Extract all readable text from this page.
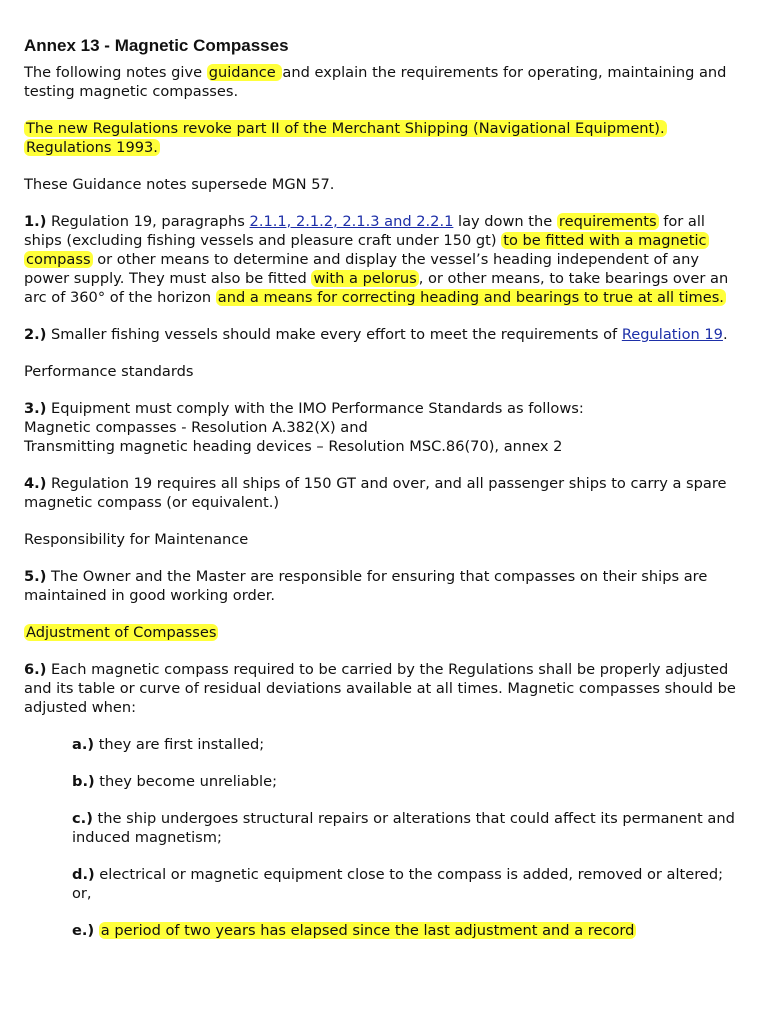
Annex 13 - Magnetic Compasses

The following notes give guidance and explain the requirements for operating, maintaining and testing magnetic compasses.

The new Regulations revoke part II of the Merchant Shipping (Navigational Equipment). Regulations 1993.

These Guidance notes supersede MGN 57.

1.) Regulation 19, paragraphs 2.1.1, 2.1.2, 2.1.3 and 2.2.1 lay down the requirements for all ships (excluding fishing vessels and pleasure craft under 150 gt) to be fitted with a magnetic compass or other means to determine and display the vessel’s heading independent of any power supply. They must also be fitted with a pelorus , or other means, to take bearings over an arc of 360° of the horizon and a means for correcting heading and bearings to true at all times.

2.) Smaller fishing vessels should make every effort to meet the requirements of Regulation 19.

Performance standards

3.) Equipment must comply with the IMO Performance Standards as follows:
Magnetic compasses - Resolution A.382(X) and
Transmitting magnetic heading devices – Resolution MSC.86(70), annex 2

4.) Regulation 19 requires all ships of 150 GT and over, and all passenger ships to carry a spare magnetic compass (or equivalent.)

Responsibility for Maintenance

5.) The Owner and the Master are responsible for ensuring that compasses on their ships are maintained in good working order.

Adjustment of Compasses

6.) Each magnetic compass required to be carried by the Regulations shall be properly adjusted and its table or curve of residual deviations available at all times. Magnetic compasses should be adjusted when:

a.) they are first installed;

b.) they become unreliable;

c.) the ship undergoes structural repairs or alterations that could affect its permanent and induced magnetism;

d.) electrical or magnetic equipment close to the compass is added, removed or altered; or,

e.) a period of two years has elapsed since the last adjustment and a record
